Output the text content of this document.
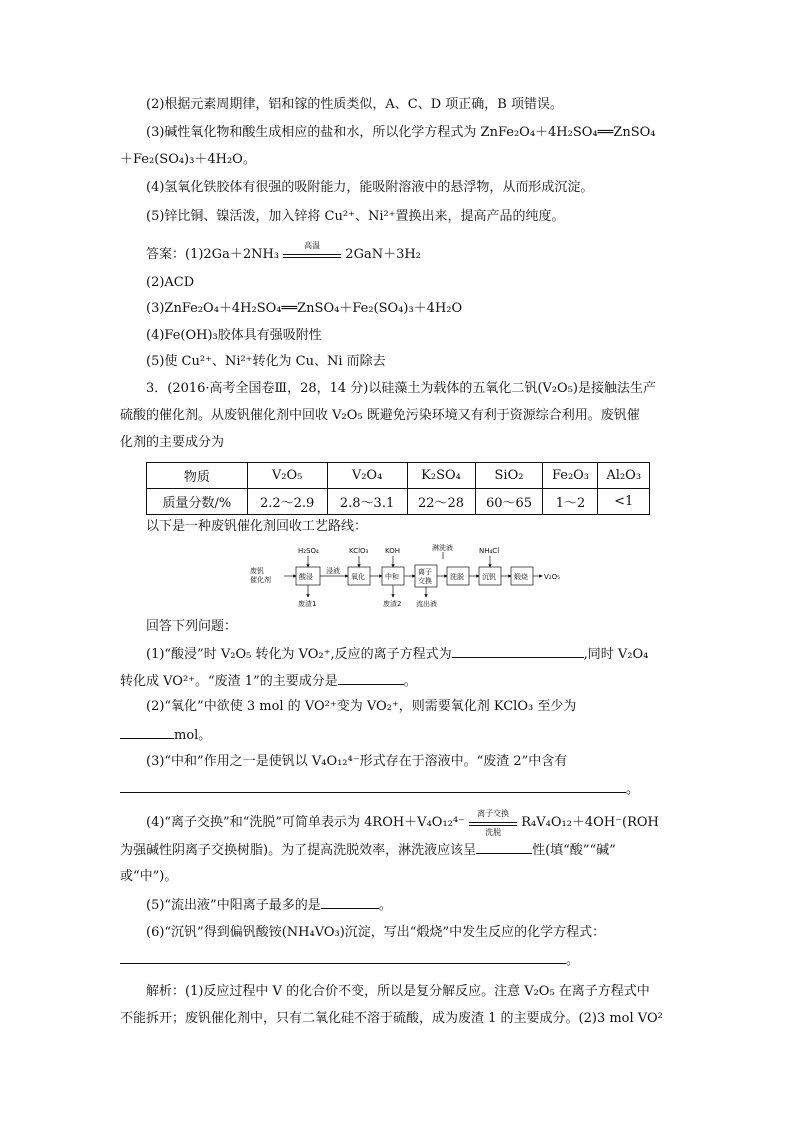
(2)根据元素周期律，铝和镓的性质类似，A、C、D 项正确，B 项错误。
(3)碱性氧化物和酸生成相应的盐和水，所以化学方程式为 ZnFe₂O₄＋4H₂SO₄══ZnSO₄
＋Fe₂(SO₄)₃＋4H₂O。
(4)氢氧化铁胶体有很强的吸附能力，能吸附溶液中的悬浮物，从而形成沉淀。
(5)锌比铜、镍活泼，加入锌将 Cu²⁺、Ni²⁺置换出来，提高产品的纯度。
答案：(1)2Ga＋2NH₃
高温
2GaN＋3H₂
(2)ACD
(3)ZnFe₂O₄＋4H₂SO₄══ZnSO₄＋Fe₂(SO₄)₃＋4H₂O
(4)Fe(OH)₃胶体具有强吸附性
(5)使 Cu²⁺、Ni²⁺转化为 Cu、Ni 而除去
3．(2016·高考全国卷Ⅲ，28，14 分)以硅藻土为载体的五氧化二钒(V₂O₅)是接触法生产
硫酸的催化剂。从废钒催化剂中回收 V₂O₅ 既避免污染环境又有利于资源综合利用。废钒催
化剂的主要成分为
物质	V₂O₅	V₂O₄	K₂SO₄	SiO₂	Fe₂O₃	Al₂O₃
质量分数/%	2.2～2.9	2.8～3.1	22～28	60～65	1～2	<1
以下是一种废钒催化剂回收工艺路线：
废钒
催化剂	酸浸	氧化	中和
离子
交换	洗脱	沉钒	煅烧
H₂SO₄	KClO₃ KOH	淋洗液	NH₄Cl
浸液
V₂O₅
废渣1	废渣2 流出液
回答下列问题：
(1)“酸浸”时 V₂O₅ 转化为 VO₂⁺,反应的离子方程式为	,同时 V₂O₄
转化成 VO²⁺。“废渣 1”的主要成分是	。
(2)“氧化”中欲使 3 mol 的 VO²⁺变为 VO₂⁺，则需要氧化剂 KClO₃ 至少为
mol。
(3)“中和”作用之一是使钒以 V₄O₁₂⁴⁻形式存在于溶液中。“废渣 2”中含有
。
(4)“离子交换”和“洗脱”可简单表示为 4ROH＋V₄O₁₂⁴⁻
离子交换
洗脱
R₄V₄O₁₂＋4OH⁻(ROH
为强碱性阴离子交换树脂)。为了提高洗脱效率，淋洗液应该呈	性(填“酸”“碱”
或“中”)。
(5)“流出液”中阳离子最多的是	。
(6)“沉钒”得到偏钒酸铵(NH₄VO₃)沉淀，写出“煅烧”中发生反应的化学方程式：
。
解析：(1)反应过程中 V 的化合价不变，所以是复分解反应。注意 V₂O₅ 在离子方程式中
不能拆开；废钒催化剂中，只有二氧化硅不溶于硫酸，成为废渣 1 的主要成分。(2)3 mol VO²
